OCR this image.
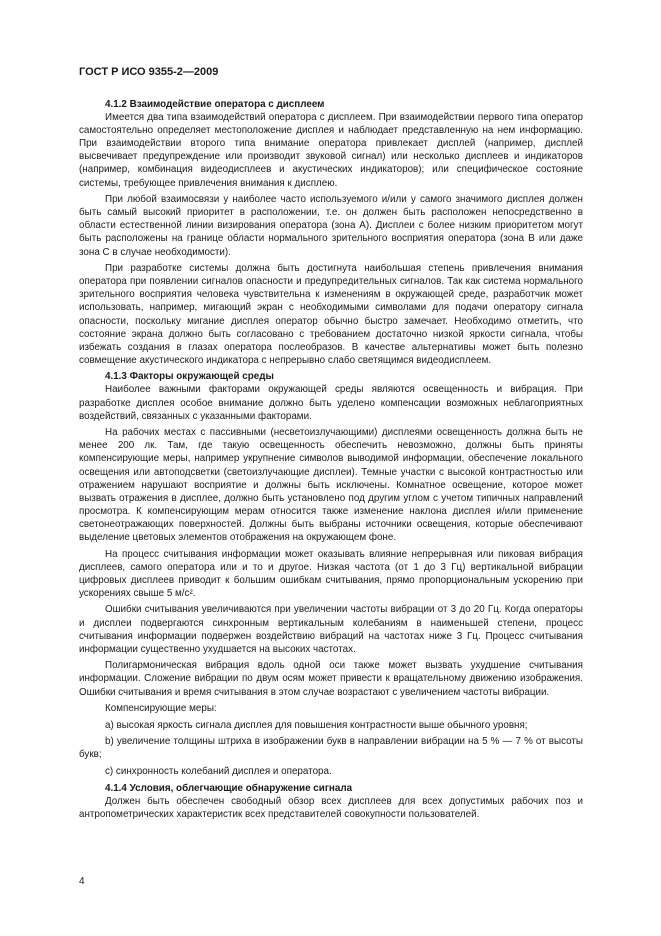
ГОСТ Р ИСО 9355-2—2009
4.1.2 Взаимодействие оператора с дисплеем

Имеется два типа взаимодействий оператора с дисплеем. При взаимодействии первого типа оператор самостоятельно определяет местоположение дисплея и наблюдает представленную на нем информацию. При взаимодействии второго типа внимание оператора привлекает дисплей (например, дисплей высвечивает предупреждение или производит звуковой сигнал) или несколько дисплеев и индикаторов (например, комбинация видеодисплеев и акустических индикаторов); или специфическое состояние системы, требующее привлечения внимания к дисплею.

При любой взаимосвязи у наиболее часто используемого и/или у самого значимого дисплея должен быть самый высокий приоритет в расположении, т.е. он должен быть расположен непосредственно в области естественной линии визирования оператора (зона А). Дисплеи с более низким приоритетом могут быть расположены на границе области нормального зрительного восприятия оператора (зона В или даже зона С в случае необходимости).

При разработке системы должна быть достигнута наибольшая степень привлечения внимания оператора при появлении сигналов опасности и предупредительных сигналов. Так как система нормального зрительного восприятия человека чувствительна к изменениям в окружающей среде, разработчик может использовать, например, мигающий экран с необходимыми символами для подачи оператору сигнала опасности, поскольку мигание дисплея оператор обычно быстро замечает. Необходимо отметить, что состояние экрана должно быть согласовано с требованием достаточно низкой яркости сигнала, чтобы избежать создания в глазах оператора послеобразов. В качестве альтернативы может быть полезно совмещение акустического индикатора с непрерывно слабо светящимся видеодисплеем.

4.1.3 Факторы окружающей среды

Наиболее важными факторами окружающей среды являются освещенность и вибрация. При разработке дисплея особое внимание должно быть уделено компенсации возможных неблагоприятных воздействий, связанных с указанными факторами.

На рабочих местах с пассивными (несветоизлучающими) дисплеями освещенность должна быть не менее 200 лк. Там, где такую освещенность обеспечить невозможно, должны быть приняты компенсирующие меры, например укрупнение символов выводимой информации, обеспечение локального освещения или автоподсветки (светоизлучающие дисплеи). Темные участки с высокой контрастностью или отражением нарушают восприятие и должны быть исключены. Комнатное освещение, которое может вызвать отражения в дисплее, должно быть установлено под другим углом с учетом типичных направлений просмотра. К компенсирующим мерам относится также изменение наклона дисплея и/или применение светонеотражающих поверхностей. Должны быть выбраны источники освещения, которые обеспечивают выделение цветовых элементов отображения на окружающем фоне.

На процесс считывания информации может оказывать влияние непрерывная или пиковая вибрация дисплеев, самого оператора или и то и другое. Низкая частота (от 1 до 3 Гц) вертикальной вибрации цифровых дисплеев приводит к большим ошибкам считывания, прямо пропорциональным ускорению при ускорениях свыше 5 м/с².

Ошибки считывания увеличиваются при увеличении частоты вибрации от 3 до 20 Гц. Когда операторы и дисплеи подвергаются синхронным вертикальным колебаниям в наименьшей степени, процесс считывания информации подвержен воздействию вибраций на частотах ниже 3 Гц. Процесс считывания информации существенно ухудшается на высоких частотах.

Полигармоническая вибрация вдоль одной оси также может вызвать ухудшение считывания информации. Сложение вибрации по двум осям может привести к вращательному движению изображения. Ошибки считывания и время считывания в этом случае возрастают с увеличением частоты вибрации.

Компенсирующие меры:

a) высокая яркость сигнала дисплея для повышения контрастности выше обычного уровня;

b) увеличение толщины штриха в изображении букв в направлении вибрации на 5 % — 7 % от высоты букв;

c) синхронность колебаний дисплея и оператора.

4.1.4 Условия, облегчающие обнаружение сигнала

Должен быть обеспечен свободный обзор всех дисплеев для всех допустимых рабочих поз и антропометрических характеристик всех представителей совокупности пользователей.

4
